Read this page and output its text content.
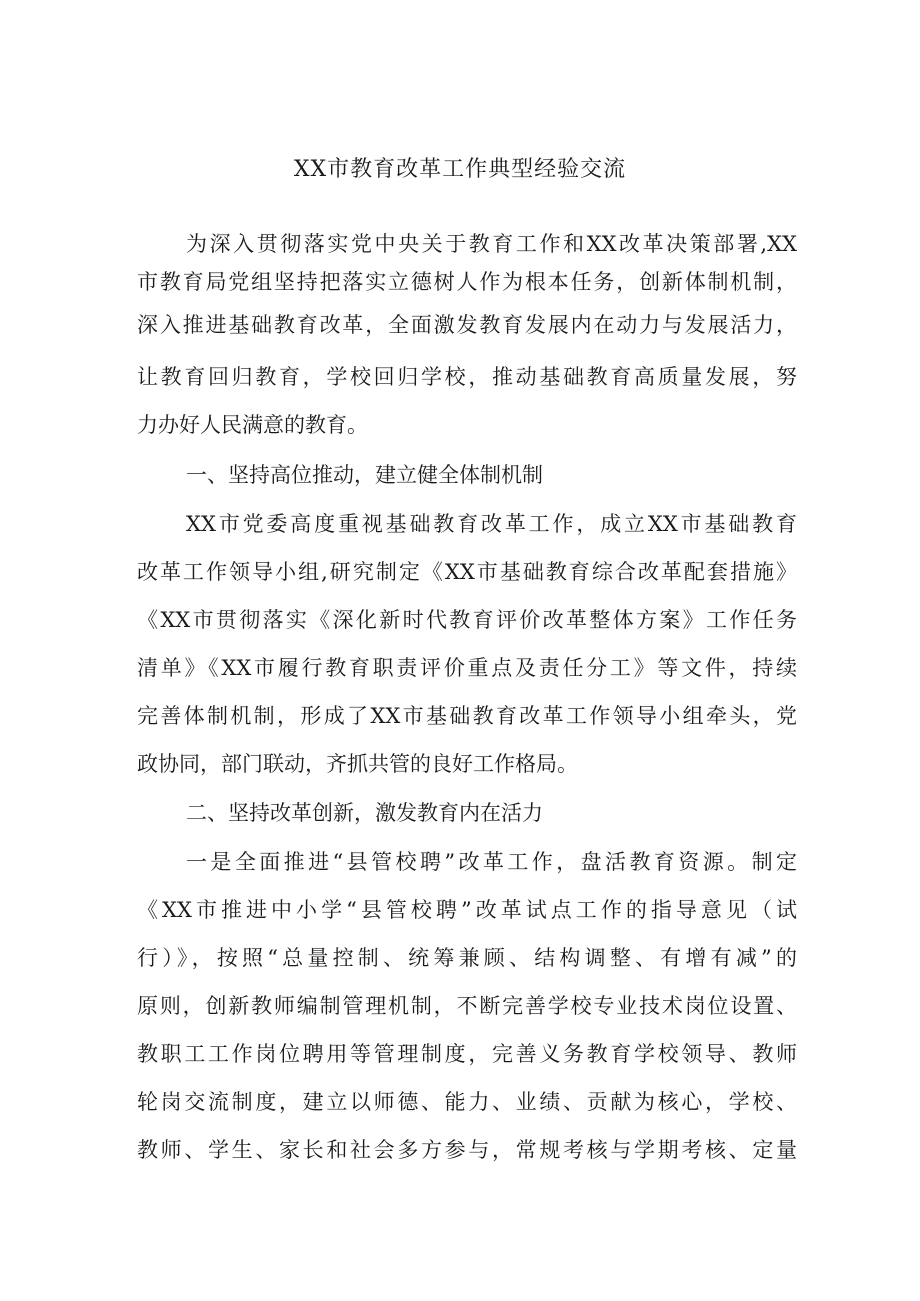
XX市教育改革工作典型经验交流
为深入贯彻落实党中央关于教育工作和XX改革决策部署,XX
市教育局党组坚持把落实立德树人作为根本任务，创新体制机制，
深入推进基础教育改革，全面激发教育发展内在动力与发展活力，
让教育回归教育，学校回归学校，推动基础教育高质量发展，努
力办好人民满意的教育。
一、坚持高位推动，建立健全体制机制
XX市党委高度重视基础教育改革工作，成立XX市基础教育
改革工作领导小组,研究制定《XX市基础教育综合改革配套措施》
《XX市贯彻落实《深化新时代教育评价改革整体方案》工作任务
清单》《XX市履行教育职责评价重点及责任分工》等文件，持续
完善体制机制，形成了XX市基础教育改革工作领导小组牵头，党
政协同，部门联动，齐抓共管的良好工作格局。
二、坚持改革创新，激发教育内在活力
一是全面推进“县管校聘”改革工作，盘活教育资源。制定
《XX市推进中小学“县管校聘”改革试点工作的指导意见（试
行）》，按照“总量控制、统筹兼顾、结构调整、有增有减”的
原则，创新教师编制管理机制，不断完善学校专业技术岗位设置、
教职工工作岗位聘用等管理制度，完善义务教育学校领导、教师
轮岗交流制度，建立以师德、能力、业绩、贡献为核心，学校、
教师、学生、家长和社会多方参与，常规考核与学期考核、定量
